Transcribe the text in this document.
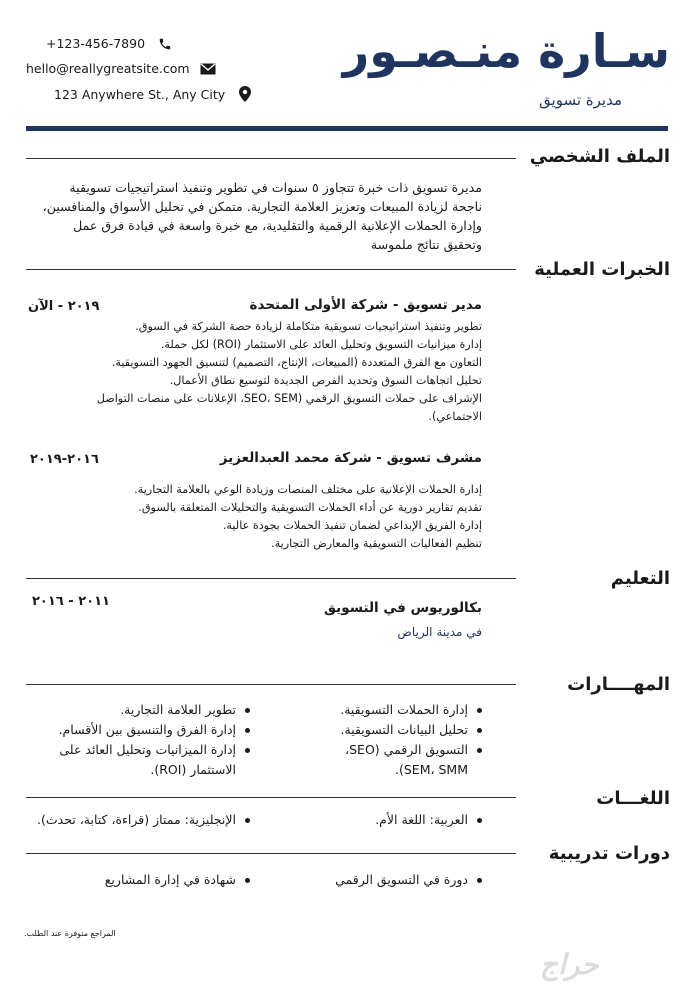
سـارة منـصـور
مديرة تسويق
+123-456-7890
hello@reallygreatsite.com
123 Anywhere St., Any City
الملف الشخصي
مديرة تسويق ذات خبرة تتجاوز ٥ سنوات في تطوير وتنفيذ استراتيجيات تسويقية
ناجحة لزيادة المبيعات وتعزيز العلامة التجارية. متمكن في تحليل الأسواق والمنافسين،
وإدارة الحملات الإعلانية الرقمية والتقليدية، مع خبرة واسعة في قيادة فرق عمل
وتحقيق نتائج ملموسة
الخبرات العملية
مدير تسويق - شركة الأولى المتحدة
٢٠١٩ - الآن
تطوير وتنفيذ استراتيجيات تسويقية متكاملة لزيادة حصة الشركة في السوق.
إدارة ميزانيات التسويق وتحليل العائد على الاستثمار (ROI) لكل حملة.
التعاون مع الفرق المتعددة (المبيعات، الإنتاج، التصميم) لتنسيق الجهود التسويقية.
تحليل اتجاهات السوق وتحديد الفرص الجديدة لتوسيع نطاق الأعمال.
الإشراف على حملات التسويق الرقمي (SEO، SEM، الإعلانات على منصات التواصل
الاجتماعي).
مشرف تسويق - شركة محمد العبدالعزيز
٢٠١٦-٢٠١٩
إدارة الحملات الإعلانية على مختلف المنصات وزيادة الوعي بالعلامة التجارية.
تقديم تقارير دورية عن أداء الحملات التسويقية والتحليلات المتعلقة بالسوق.
إدارة الفريق الإبداعي لضمان تنفيذ الحملات بجودة عالية.
تنظيم الفعاليات التسويقية والمعارض التجارية.
التعليم
بكالوريوس في التسويق
٢٠١١ - ٢٠١٦
في مدينة الرياض
المهــــارات
إدارة الحملات التسويقية.
تحليل البيانات التسويقية.
التسويق الرقمي (SEO،
SEM، SMM).
تطوير العلامة التجارية.
إدارة الفرق والتنسيق بين الأقسام.
إدارة الميزانيات وتحليل العائد على
الاستثمار (ROI).
اللغـــات
العربية: اللغة الأم.
الإنجليزية: ممتاز (قراءة، كتابة، تحدث).
دورات تدريبية
دورة في التسويق الرقمي
شهادة في إدارة المشاريع
المراجع متوفرة عند الطلب.
حراج
